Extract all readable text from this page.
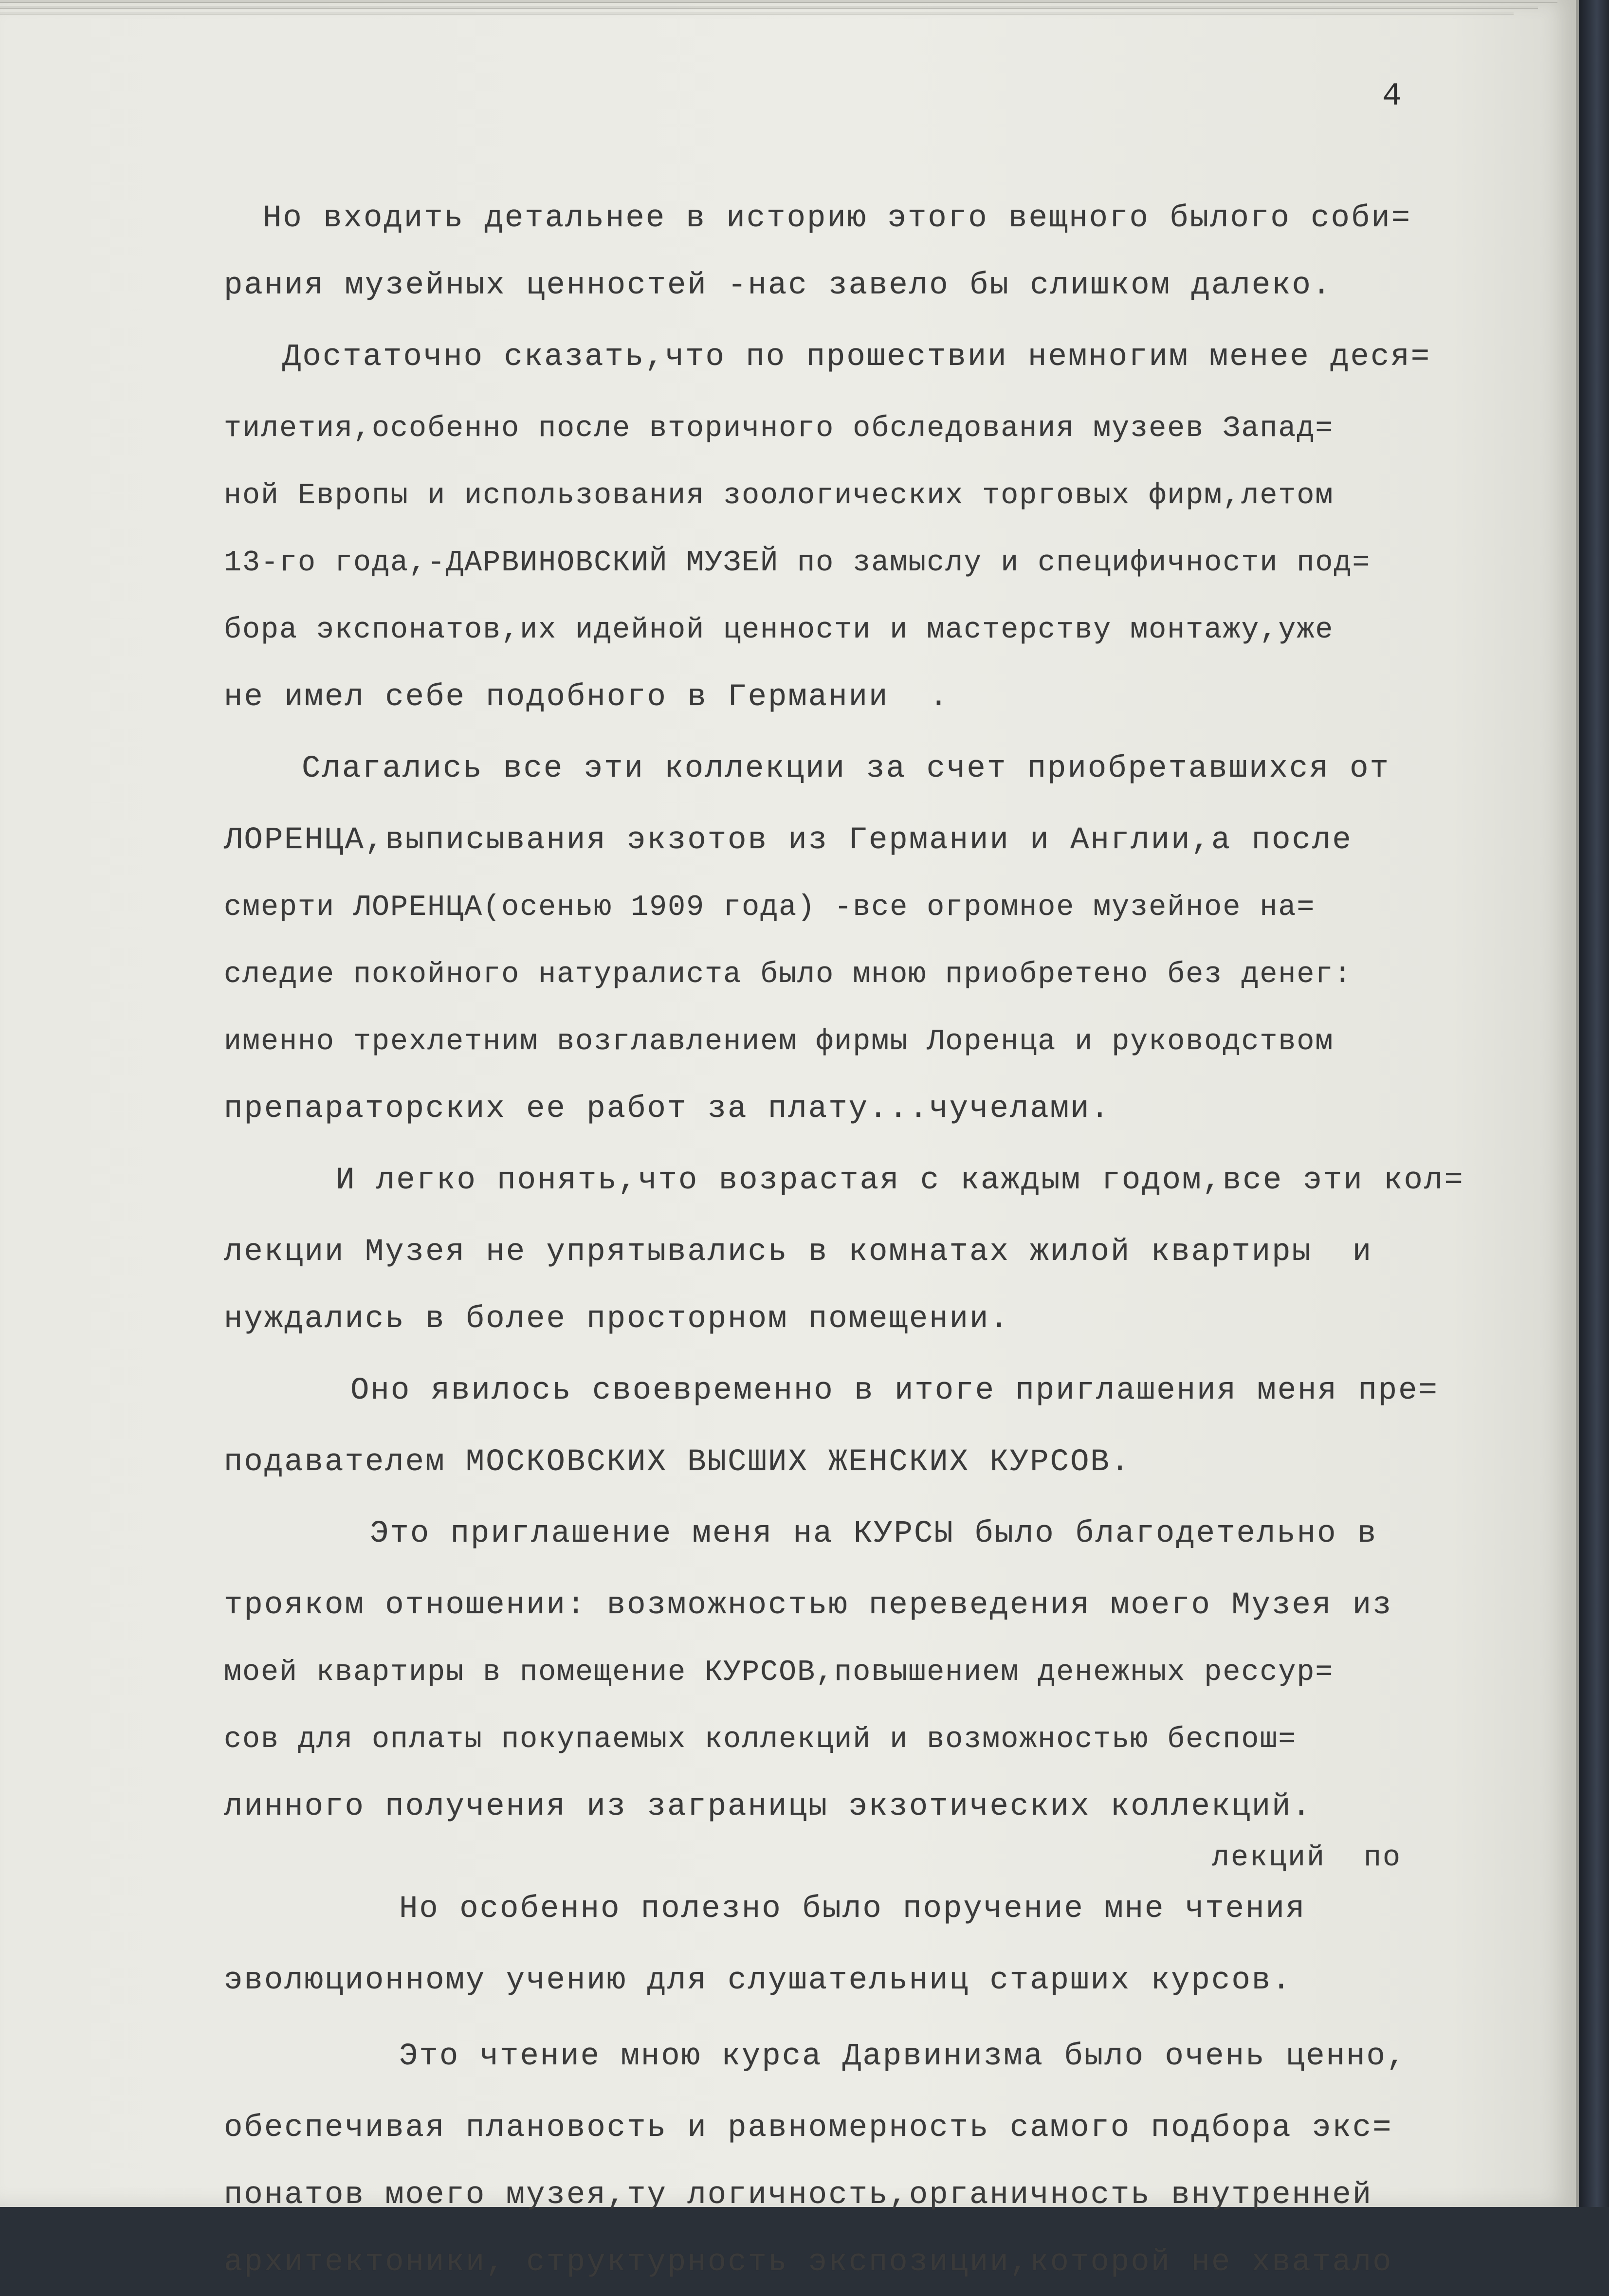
4
Но входить детальнее в историю этого вещного былого соби=
рания музейных ценностей -нас завело бы слишком далеко.
Достаточно сказать,что по прошествии немногим менее деся=
тилетия,особенно после вторичного обследования музеев Запад=
ной Европы и использования зоологических торговых фирм,летом
13-го года,-ДАРВИНОВСКИЙ МУЗЕЙ по замыслу и специфичности под=
бора экспонатов,их идейной ценности и мастерству монтажу,уже
не имел себе подобного в Германии  .
Слагались все эти коллекции за счет приобретавшихся от
ЛОРЕНЦА,выписывания экзотов из Германии и Англии,а после
смерти ЛОРЕНЦА(осенью 1909 года) -все огромное музейное на=
следие покойного натуралиста было мною приобретено без денег:
именно трехлетним возглавлением фирмы Лоренца и руководством
препараторских ее работ за плату...чучелами.
И легко понять,что возрастая с каждым годом,все эти кол=
лекции Музея не упрятывались в комнатах жилой квартиры  и
нуждались в более просторном помещении.
Оно явилось своевременно в итоге приглашения меня пре=
подавателем МОСКОВСКИХ ВЫСШИХ ЖЕНСКИХ КУРСОВ.
Это приглашение меня на КУРСЫ было благодетельно в
трояком отношении: возможностью переведения моего Музея из
моей квартиры в помещение КУРСОВ,повышением денежных рессур=
сов для оплаты покупаемых коллекций и возможностью беспош=
линного получения из заграницы экзотических коллекций.
лекций  по
Но особенно полезно было поручение мне чтения
эволюционному учению для слушательниц старших курсов.
Это чтение мною курса Дарвинизма было очень ценно,
обеспечивая плановость и равномерность самого подбора экс=
понатов моего музея,ту логичность,органичность внутренней
архитектоники, структурность экспозиции,которой не хватало
